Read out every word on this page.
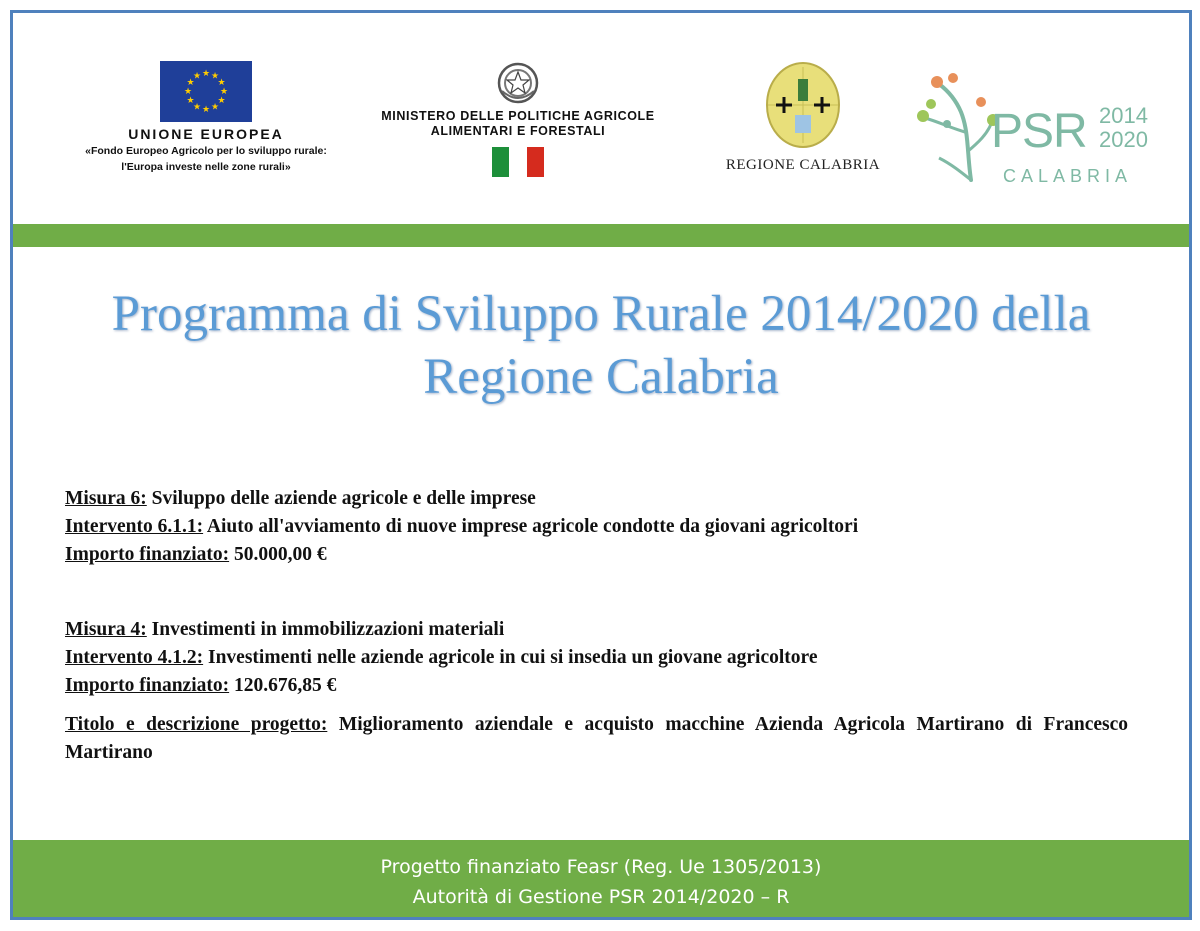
★ ★
★
★
★
★
★
★
★
★
★
★
UNIONE EUROPEA
«Fondo Europeo Agricolo per lo sviluppo rurale:
l'Europa investe nelle zone rurali»
MINISTERO DELLE POLITICHE AGRICOLE
ALIMENTARI E FORESTALI
REGIONE CALABRIA
PSR 2014
2020
CALABRIA
Programma di Sviluppo Rurale 2014/2020 della
Regione Calabria
Misura 6: Sviluppo delle aziende agricole e delle imprese
Intervento 6.1.1: Aiuto all'avviamento di nuove imprese agricole condotte da giovani agricoltori
Importo finanziato: 50.000,00 €
Misura 4: Investimenti in immobilizzazioni materiali
Intervento 4.1.2: Investimenti nelle aziende agricole in cui si insedia un giovane agricoltore
Importo finanziato: 120.676,85 €
Titolo e descrizione progetto: Miglioramento aziendale e acquisto macchine Azienda Agricola Martirano di Francesco Martirano
Progetto finanziato Feasr (Reg. Ue 1305/2013)
Autorità di Gestione PSR 2014/2020 – R
